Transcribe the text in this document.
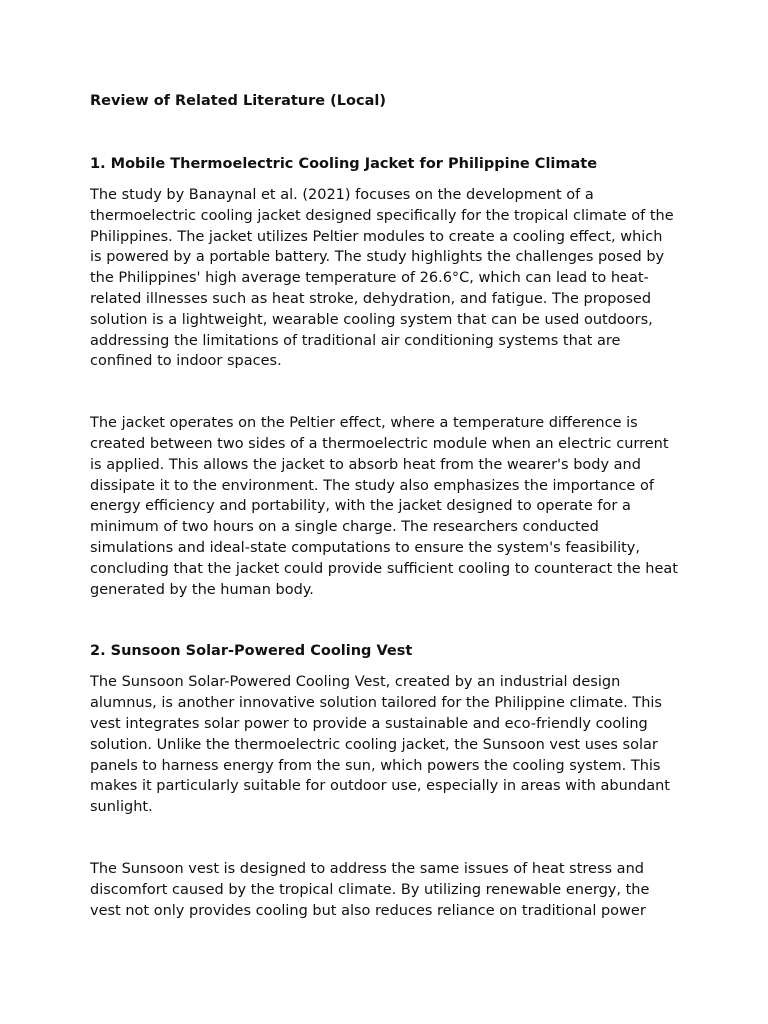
Review of Related Literature (Local)
1. Mobile Thermoelectric Cooling Jacket for Philippine Climate

The study by Banaynal et al. (2021) focuses on the development of a thermoelectric cooling jacket designed specifically for the tropical climate of the Philippines. The jacket utilizes Peltier modules to create a cooling effect, which is powered by a portable battery. The study highlights the challenges posed by the Philippines' high average temperature of 26.6°C, which can lead to heat-related illnesses such as heat stroke, dehydration, and fatigue. The proposed solution is a lightweight, wearable cooling system that can be used outdoors, addressing the limitations of traditional air conditioning systems that are confined to indoor spaces.

The jacket operates on the Peltier effect, where a temperature difference is created between two sides of a thermoelectric module when an electric current is applied. This allows the jacket to absorb heat from the wearer's body and dissipate it to the environment. The study also emphasizes the importance of energy efficiency and portability, with the jacket designed to operate for a minimum of two hours on a single charge. The researchers conducted simulations and ideal-state computations to ensure the system's feasibility, concluding that the jacket could provide sufficient cooling to counteract the heat generated by the human body.

2. Sunsoon Solar-Powered Cooling Vest

The Sunsoon Solar-Powered Cooling Vest, created by an industrial design alumnus, is another innovative solution tailored for the Philippine climate. This vest integrates solar power to provide a sustainable and eco-friendly cooling solution. Unlike the thermoelectric cooling jacket, the Sunsoon vest uses solar panels to harness energy from the sun, which powers the cooling system. This makes it particularly suitable for outdoor use, especially in areas with abundant sunlight.

The Sunsoon vest is designed to address the same issues of heat stress and discomfort caused by the tropical climate. By utilizing renewable energy, the vest not only provides cooling but also reduces reliance on traditional power
